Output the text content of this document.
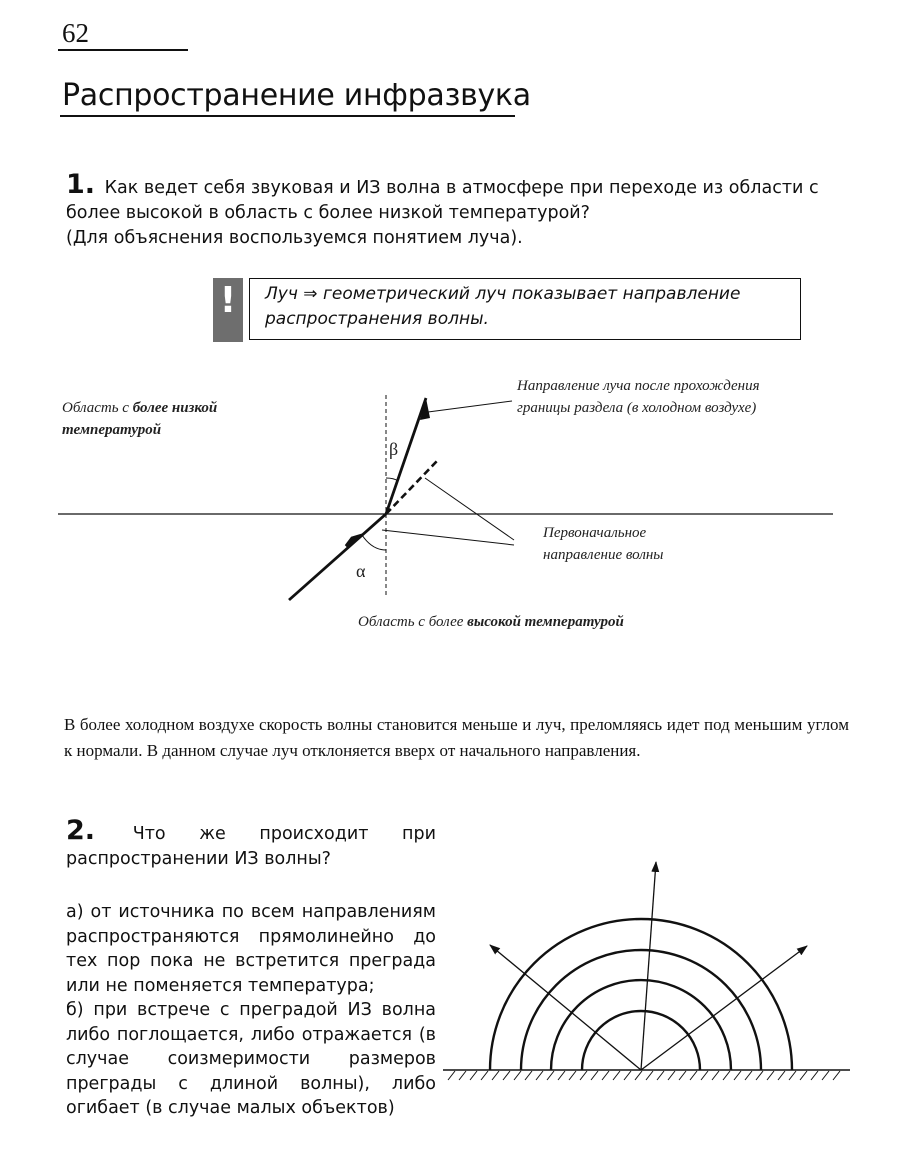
62
Распространение инфразвука
1. Как ведет себя звуковая и ИЗ волна в атмосфере при переходе из области с более высокой в область с более низкой температурой?
(Для объяснения воспользуемся понятием луча).
!	Луч ⇒ геометрический луч показывает направление распространения волны.
Область с более низкой температурой
Направление луча после прохождения границы раздела (в холодном воздухе)
Первоначальное направление волны
Область с более высокой температурой
β
α
В более холодном воздухе скорость волны становится меньше и луч, преломляясь идет под меньшим углом к нормали. В данном случае луч отклоняется вверх от начального направления.
2. Что же происходит при распространении ИЗ волны?
а) от источника по всем направлениям распространяются прямолинейно до тех пор пока не встретится преграда или не поменяется температура;
б) при встрече с преградой ИЗ волна либо поглощается, либо отражается (в случае соизмеримости размеров преграды с длиной волны), либо огибает (в случае малых объектов)
